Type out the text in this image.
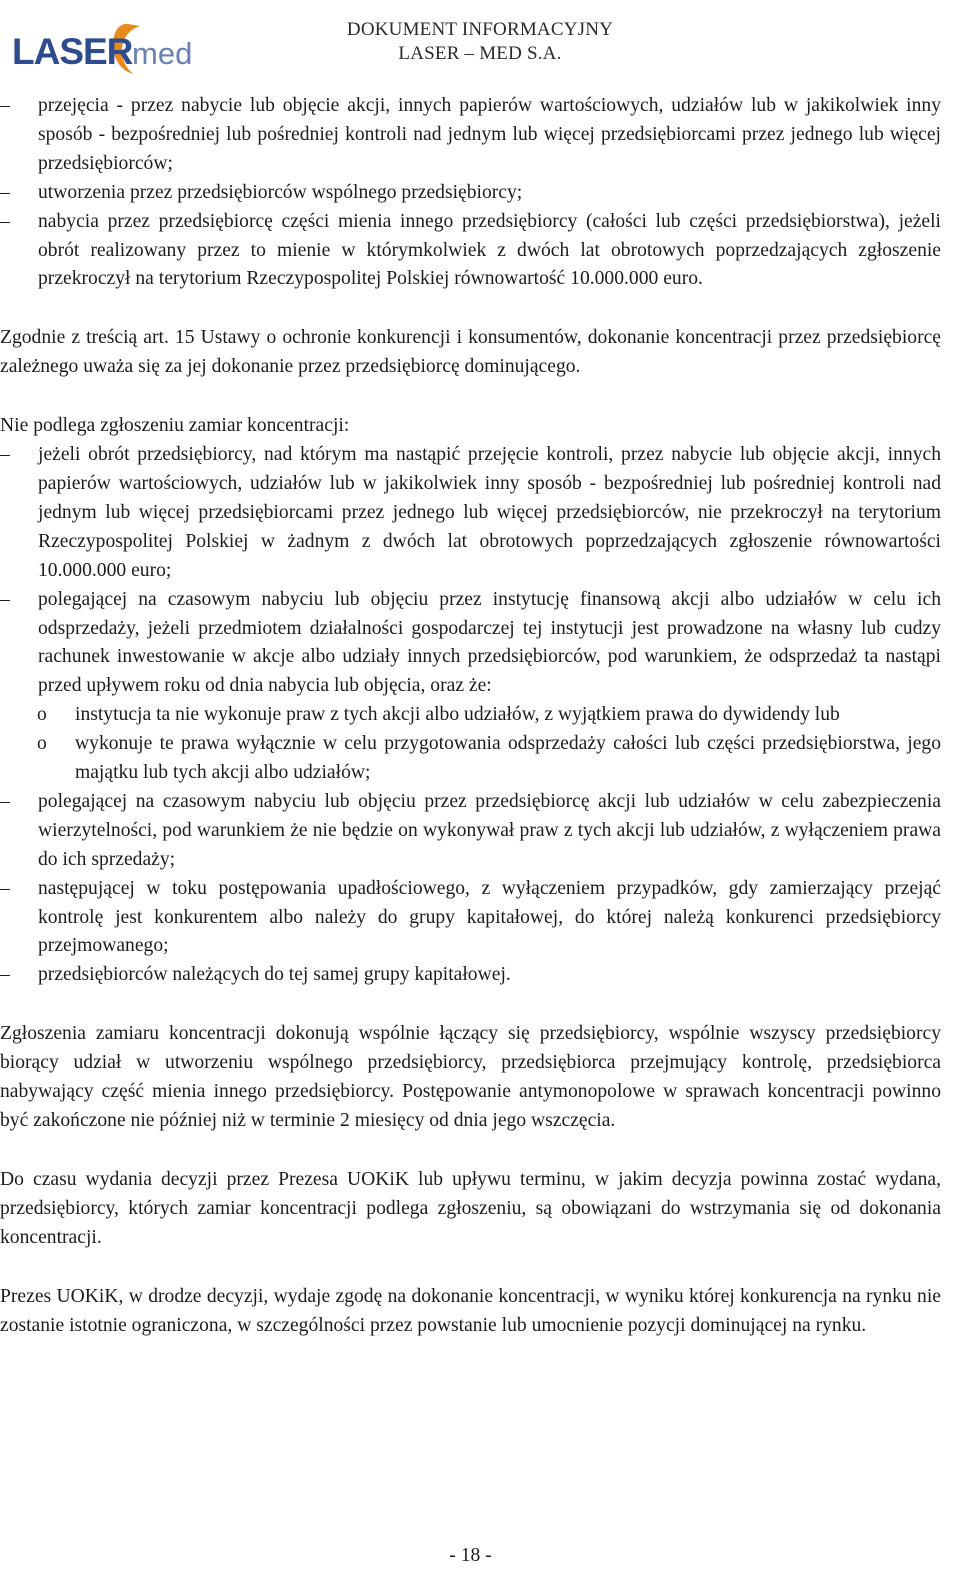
LASER med
DOKUMENT INFORMACYJNY
LASER – MED S.A.
–	przejęcia - przez nabycie lub objęcie akcji, innych papierów wartościowych, udziałów lub w jakikolwiek inny sposób - bezpośredniej lub pośredniej kontroli nad jednym lub więcej przedsiębiorcami przez jednego lub więcej przedsiębiorców;
–	utworzenia przez przedsiębiorców wspólnego przedsiębiorcy;
–	nabycia przez przedsiębiorcę części mienia innego przedsiębiorcy (całości lub części przedsiębiorstwa), jeżeli obrót realizowany przez to mienie w którymkolwiek z dwóch lat obrotowych poprzedzających zgłoszenie przekroczył na terytorium Rzeczypospolitej Polskiej równowartość 10.000.000 euro.

Zgodnie z treścią art. 15 Ustawy o ochronie konkurencji i konsumentów, dokonanie koncentracji przez przedsiębiorcę zależnego uważa się za jej dokonanie przez przedsiębiorcę dominującego.

Nie podlega zgłoszeniu zamiar koncentracji:

–	jeżeli obrót przedsiębiorcy, nad którym ma nastąpić przejęcie kontroli, przez nabycie lub objęcie akcji, innych papierów wartościowych, udziałów lub w jakikolwiek inny sposób - bezpośredniej lub pośredniej kontroli nad jednym lub więcej przedsiębiorcami przez jednego lub więcej przedsiębiorców, nie przekroczył na terytorium Rzeczypospolitej Polskiej w żadnym z dwóch lat obrotowych poprzedzających zgłoszenie równowartości 10.000.000 euro;
–	polegającej na czasowym nabyciu lub objęciu przez instytucję finansową akcji albo udziałów w celu ich odsprzedaży, jeżeli przedmiotem działalności gospodarczej tej instytucji jest prowadzone na własny lub cudzy rachunek inwestowanie w akcje albo udziały innych przedsiębiorców, pod warunkiem, że odsprzedaż ta nastąpi przed upływem roku od dnia nabycia lub objęcia, oraz że:
o instytucja ta nie wykonuje praw z tych akcji albo udziałów, z wyjątkiem prawa do dywidendy lub
o wykonuje te prawa wyłącznie w celu przygotowania odsprzedaży całości lub części przedsiębiorstwa, jego majątku lub tych akcji albo udziałów;
–	polegającej na czasowym nabyciu lub objęciu przez przedsiębiorcę akcji lub udziałów w celu zabezpieczenia wierzytelności, pod warunkiem że nie będzie on wykonywał praw z tych akcji lub udziałów, z wyłączeniem prawa do ich sprzedaży;
–	następującej w toku postępowania upadłościowego, z wyłączeniem przypadków, gdy zamierzający przejąć kontrolę jest konkurentem albo należy do grupy kapitałowej, do której należą konkurenci przedsiębiorcy przejmowanego;
–	przedsiębiorców należących do tej samej grupy kapitałowej.

Zgłoszenia zamiaru koncentracji dokonują wspólnie łączący się przedsiębiorcy, wspólnie wszyscy przedsiębiorcy biorący udział w utworzeniu wspólnego przedsiębiorcy, przedsiębiorca przejmujący kontrolę, przedsiębiorca nabywający część mienia innego przedsiębiorcy. Postępowanie antymonopolowe w sprawach koncentracji powinno być zakończone nie później niż w terminie 2 miesięcy od dnia jego wszczęcia.

Do czasu wydania decyzji przez Prezesa UOKiK lub upływu terminu, w jakim decyzja powinna zostać wydana, przedsiębiorcy, których zamiar koncentracji podlega zgłoszeniu, są obowiązani do wstrzymania się od dokonania koncentracji.

Prezes UOKiK, w drodze decyzji, wydaje zgodę na dokonanie koncentracji, w wyniku której konkurencja na rynku nie zostanie istotnie ograniczona, w szczególności przez powstanie lub umocnienie pozycji dominującej na rynku.

- 18 -
